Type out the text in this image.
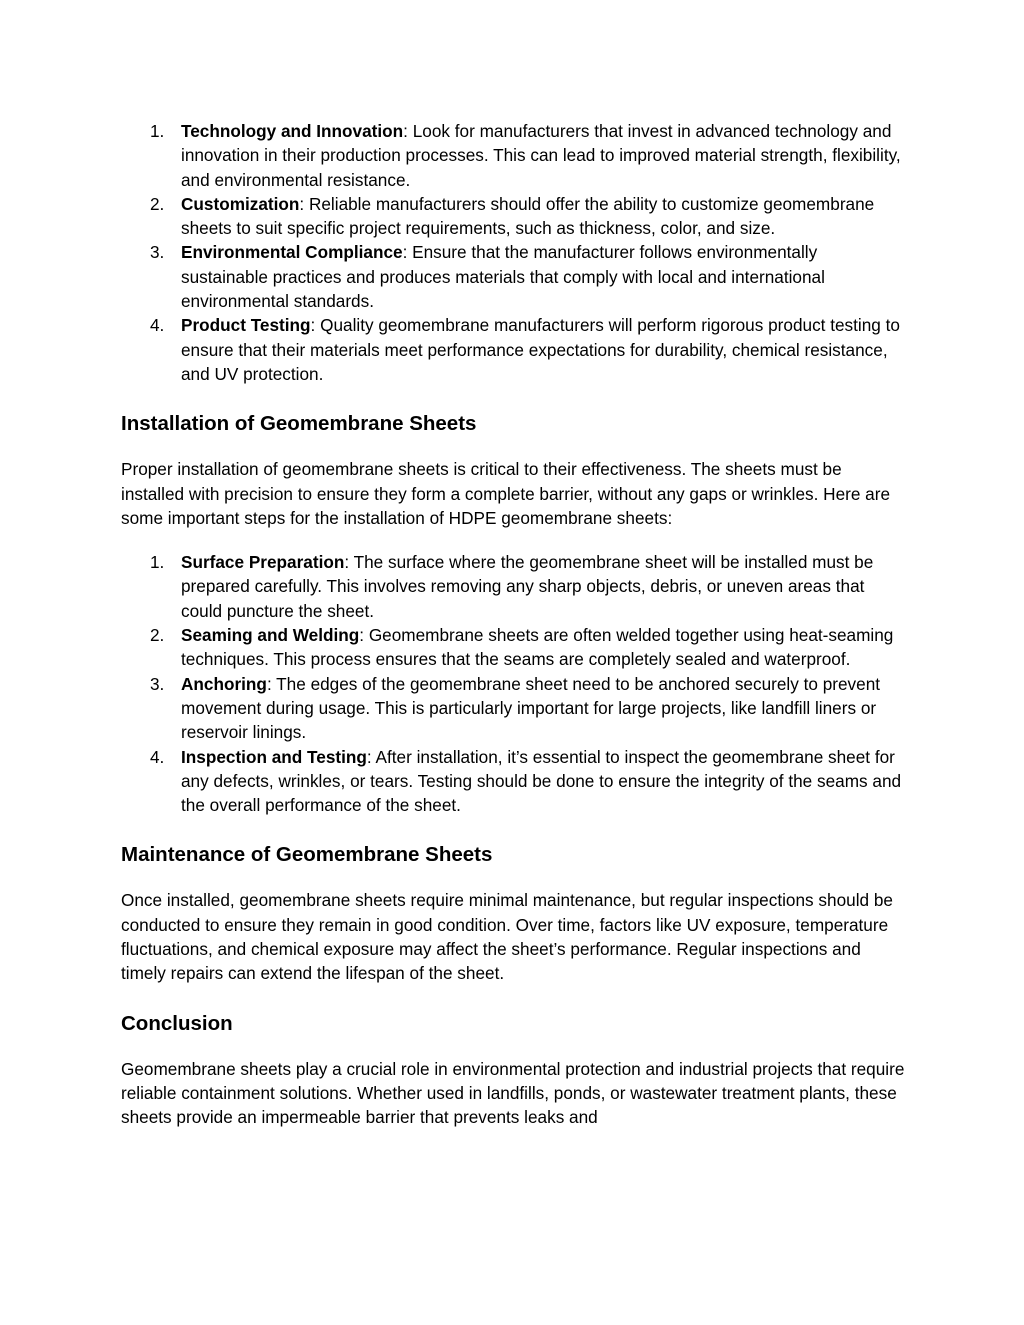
1. Technology and Innovation: Look for manufacturers that invest in advanced technology and innovation in their production processes. This can lead to improved material strength, flexibility, and environmental resistance.
2. Customization: Reliable manufacturers should offer the ability to customize geomembrane sheets to suit specific project requirements, such as thickness, color, and size.
3. Environmental Compliance: Ensure that the manufacturer follows environmentally sustainable practices and produces materials that comply with local and international environmental standards.
4. Product Testing: Quality geomembrane manufacturers will perform rigorous product testing to ensure that their materials meet performance expectations for durability, chemical resistance, and UV protection.
Installation of Geomembrane Sheets

Proper installation of geomembrane sheets is critical to their effectiveness. The sheets must be installed with precision to ensure they form a complete barrier, without any gaps or wrinkles. Here are some important steps for the installation of HDPE geomembrane sheets:

1. Surface Preparation: The surface where the geomembrane sheet will be installed must be prepared carefully. This involves removing any sharp objects, debris, or uneven areas that could puncture the sheet.
2. Seaming and Welding: Geomembrane sheets are often welded together using heat-seaming techniques. This process ensures that the seams are completely sealed and waterproof.
3. Anchoring: The edges of the geomembrane sheet need to be anchored securely to prevent movement during usage. This is particularly important for large projects, like landfill liners or reservoir linings.
4. Inspection and Testing: After installation, it’s essential to inspect the geomembrane sheet for any defects, wrinkles, or tears. Testing should be done to ensure the integrity of the seams and the overall performance of the sheet.
Maintenance of Geomembrane Sheets

Once installed, geomembrane sheets require minimal maintenance, but regular inspections should be conducted to ensure they remain in good condition. Over time, factors like UV exposure, temperature fluctuations, and chemical exposure may affect the sheet’s performance. Regular inspections and timely repairs can extend the lifespan of the sheet.

Conclusion

Geomembrane sheets play a crucial role in environmental protection and industrial projects that require reliable containment solutions. Whether used in landfills, ponds, or wastewater treatment plants, these sheets provide an impermeable barrier that prevents leaks and
